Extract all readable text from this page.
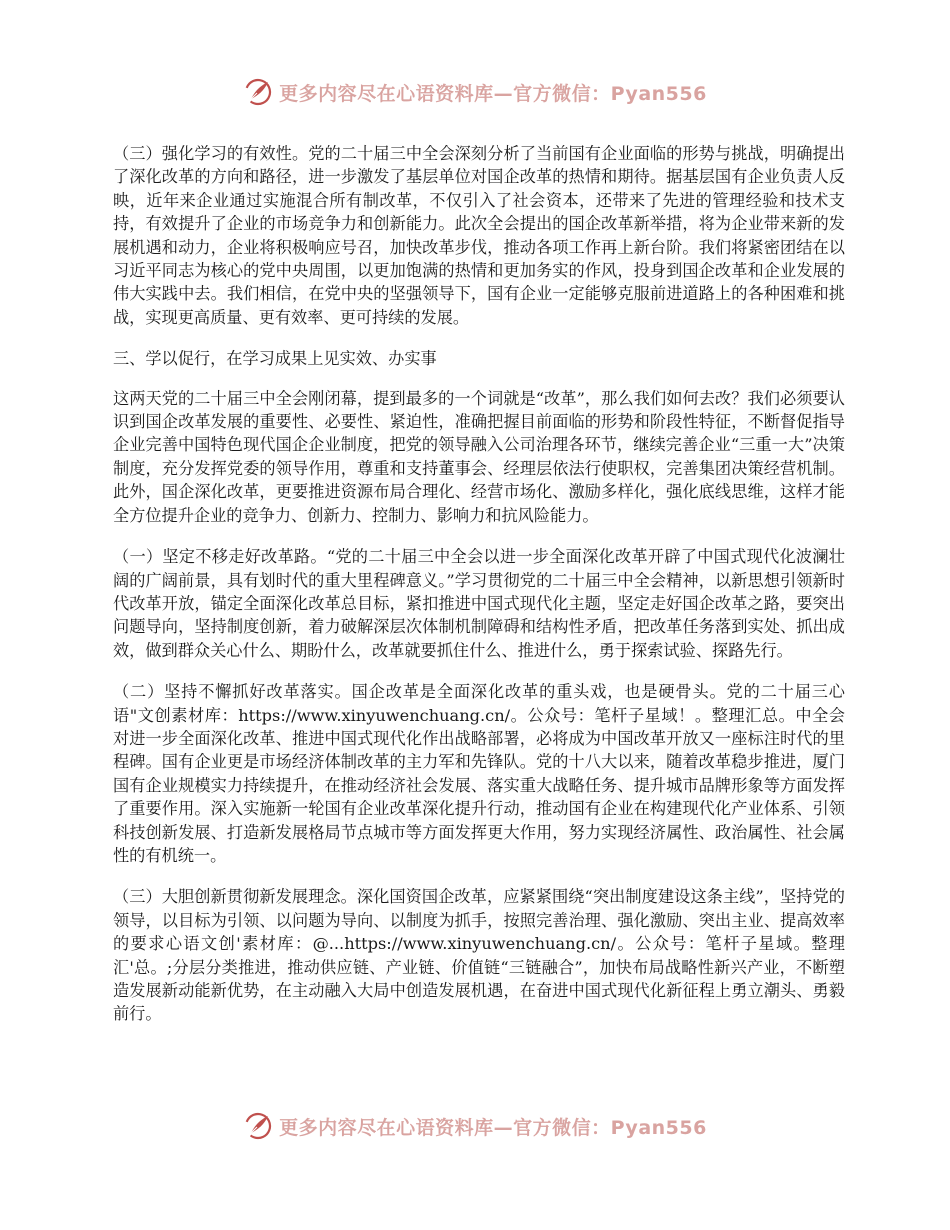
更多内容尽在心语资料库—官方微信：Pyan556

（三）强化学习的有效性。党的二十届三中全会深刻分析了当前国有企业面临的形势与挑战，明确提出了深化改革的方向和路径，进一步激发了基层单位对国企改革的热情和期待。据基层国有企业负责人反映，近年来企业通过实施混合所有制改革，不仅引入了社会资本，还带来了先进的管理经验和技术支持，有效提升了企业的市场竞争力和创新能力。此次全会提出的国企改革新举措，将为企业带来新的发展机遇和动力，企业将积极响应号召，加快改革步伐，推动各项工作再上新台阶。我们将紧密团结在以习近平同志为核心的党中央周围，以更加饱满的热情和更加务实的作风，投身到国企改革和企业发展的伟大实践中去。我们相信，在党中央的坚强领导下，国有企业一定能够克服前进道路上的各种困难和挑战，实现更高质量、更有效率、更可持续的发展。

三、学以促行，在学习成果上见实效、办实事

这两天党的二十届三中全会刚闭幕，提到最多的一个词就是“改革”，那么我们如何去改？我们必须要认识到国企改革发展的重要性、必要性、紧迫性，准确把握目前面临的形势和阶段性特征，不断督促指导企业完善中国特色现代国企企业制度，把党的领导融入公司治理各环节，继续完善企业“三重一大”决策制度，充分发挥党委的领导作用，尊重和支持董事会、经理层依法行使职权，完善集团决策经营机制。此外，国企深化改革，更要推进资源布局合理化、经营市场化、激励多样化，强化底线思维，这样才能全方位提升企业的竞争力、创新力、控制力、影响力和抗风险能力。

（一）坚定不移走好改革路。“党的二十届三中全会以进一步全面深化改革开辟了中国式现代化波澜壮阔的广阔前景，具有划时代的重大里程碑意义。”学习贯彻党的二十届三中全会精神，以新思想引领新时代改革开放，锚定全面深化改革总目标，紧扣推进中国式现代化主题，坚定走好国企改革之路，要突出问题导向，坚持制度创新，着力破解深层次体制机制障碍和结构性矛盾，把改革任务落到实处、抓出成效，做到群众关心什么、期盼什么，改革就要抓住什么、推进什么，勇于探索试验、探路先行。

（二）坚持不懈抓好改革落实。国企改革是全面深化改革的重头戏，也是硬骨头。党的二十届三心语"文创素材库：https://www.xinyuwenchuang.cn/。公众号：笔杆子星域！。整理汇总。中全会对进一步全面深化改革、推进中国式现代化作出战略部署，必将成为中国改革开放又一座标注时代的里程碑。国有企业更是市场经济体制改革的主力军和先锋队。党的十八大以来，随着改革稳步推进，厦门国有企业规模实力持续提升，在推动经济社会发展、落实重大战略任务、提升城市品牌形象等方面发挥了重要作用。深入实施新一轮国有企业改革深化提升行动，推动国有企业在构建现代化产业体系、引领科技创新发展、打造新发展格局节点城市等方面发挥更大作用，努力实现经济属性、政治属性、社会属性的有机统一。

（三）大胆创新贯彻新发展理念。深化国资国企改革，应紧紧围绕“突出制度建设这条主线”，坚持党的领导，以目标为引领、以问题为导向、以制度为抓手，按照完善治理、强化激励、突出主业、提高效率的要求心语文创'素材库：@...https://www.xinyuwenchuang.cn/。公众号：笔杆子星域。整理汇'总。;分层分类推进，推动供应链、产业链、价值链“三链融合”，加快布局战略性新兴产业，不断塑造发展新动能新优势，在主动融入大局中创造发展机遇，在奋进中国式现代化新征程上勇立潮头、勇毅前行。

更多内容尽在心语资料库—官方微信：Pyan556
